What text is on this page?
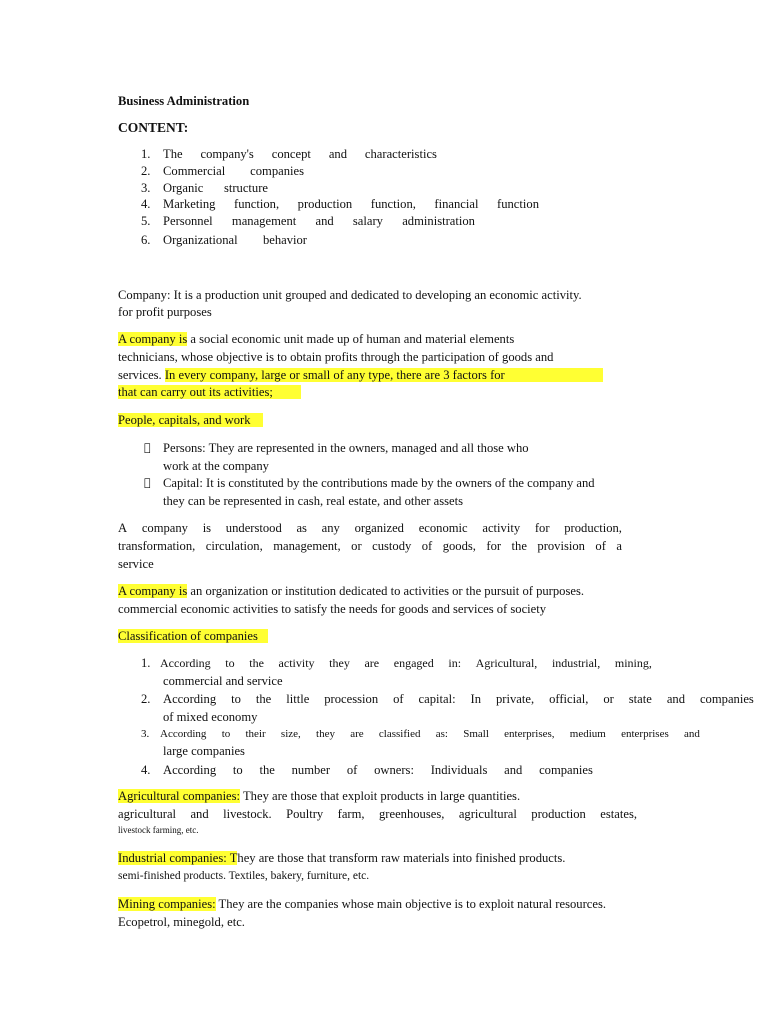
Business Administration
CONTENT:
1. The company's concept and characteristics
2. Commercial companies
3. Organic structure
4. Marketing function, production function, financial function
5. Personnel management and salary administration
6. Organizational behavior
Company: It is a production unit grouped and dedicated to developing an economic activity.
for profit purposes
A company is a social economic unit made up of human and material elements
technicians, whose objective is to obtain profits through the participation of goods and
services. In every company, large or small of any type, there are 3 factors for
that can carry out its activities;
People, capitals, and work
Persons: They are represented in the owners, managed and all those who
work at the company
Capital: It is constituted by the contributions made by the owners of the company and
they can be represented in cash, real estate, and other assets
A company is understood as any organized economic activity for production,
transformation, circulation, management, or custody of goods, for the provision of a
service
A company is an organization or institution dedicated to activities or the pursuit of purposes.
commercial economic activities to satisfy the needs for goods and services of society
Classification of companies
1. According to the activity they are engaged in: Agricultural, industrial, mining,
commercial and service
2. According to the little procession of capital: In private, official, or state and companies
of mixed economy
3. According to their size, they are classified as: Small enterprises, medium enterprises and
large companies
4. According to the number of owners: Individuals and companies
Agricultural companies: They are those that exploit products in large quantities.
agricultural and livestock. Poultry farm, greenhouses, agricultural production estates,
livestock farming, etc.
Industrial companies: They are those that transform raw materials into finished products.
semi-finished products. Textiles, bakery, furniture, etc.
Mining companies: They are the companies whose main objective is to exploit natural resources.
Ecopetrol, minegold, etc.
